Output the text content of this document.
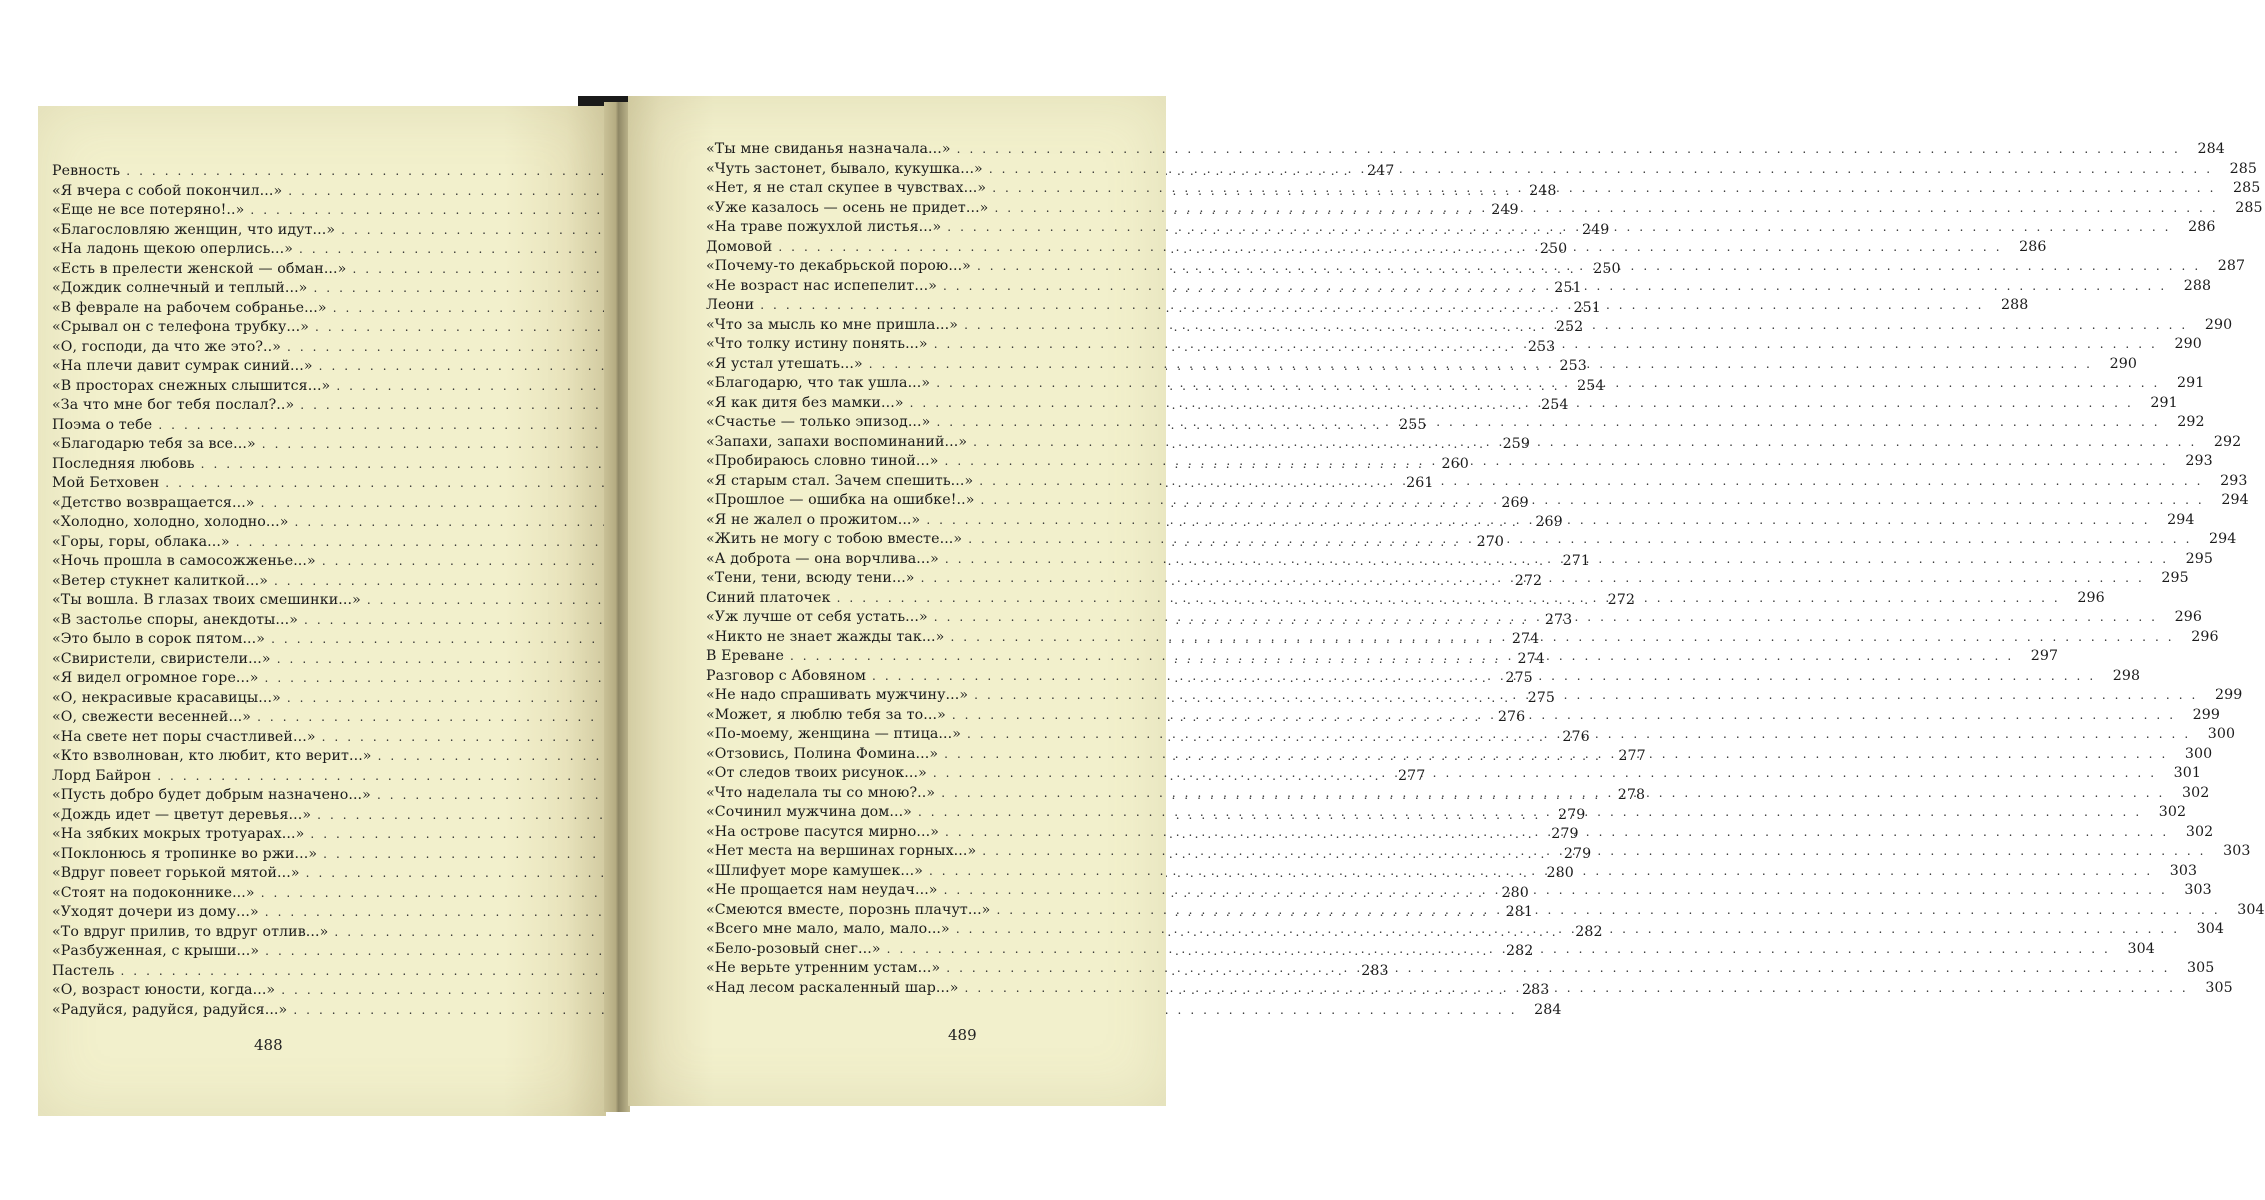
Ревность .....	247
«Я вчера с собой покончил...» .....	248
«Еще не все потеряно!..» .....	249
«Благословляю женщин, что идут...» .....	249
«На ладонь щекою оперлись...» .....	250
«Есть в прелести женской — обман...» .....	250
«Дождик солнечный и теплый...» .....	251
«В феврале на рабочем собранье...» .....	251
«Срывал он с телефона трубку...» .....	252
«О, господи, да что же это?..» .....	253
«На плечи давит сумрак синий...» .....	253
«В просторах снежных слышится...» .....	254
«За что мне бог тебя послал?..» .....	254
Поэма о тебе .....	255
«Благодарю тебя за все...» .....	259
Последняя любовь .....	260
Мой Бетховен .....	261
«Детство возвращается...» .....	269
«Холодно, холодно, холодно...» .....	269
«Горы, горы, облака...» .....	270
«Ночь прошла в самосожженье...» .....	271
«Ветер стукнет калиткой...» .....	272
«Ты вошла. В глазах твоих смешинки...» .....	272
«В застолье споры, анекдоты...» .....	273
«Это было в сорок пятом...» .....	274
«Свиристели, свиристели...» .....	274
«Я видел огромное горе...» .....	275
«О, некрасивые красавицы...» .....	275
«О, свежести весенней...» .....	276
«На свете нет поры счастливей...» .....	276
«Кто взволнован, кто любит, кто верит...» .....	277
Лорд Байрон .....	277
«Пусть добро будет добрым назначено...» .....	278
«Дождь идет — цветут деревья...» .....	279
«На зябких мокрых тротуарах...» .....	279
«Поклонюсь я тропинке во ржи...» .....	279
«Вдруг повеет горькой мятой...» .....	280
«Стоят на подоконнике...» .....	280
«Уходят дочери из дому...» .....	281
«То вдруг прилив, то вдруг отлив...» .....	282
«Разбуженная, с крыши...» .....	282
Пастель .....	283
«О, возраст юности, когда...» .....	283
«Радуйся, радуйся, радуйся...» .....	284
488
«Ты мне свиданья назначала...» .....	284
«Чуть застонет, бывало, кукушка...» .....	285
«Нет, я не стал скупее в чувствах...» .....	285
«Уже казалось — осень не придет...» .....	285
«На траве пожухлой листья...» .....	286
Домовой .....	286
«Почему-то декабрьской порою...» .....	287
«Не возраст нас испепелит...» .....	288
Леони .....	288
«Что за мысль ко мне пришла...» .....	290
«Что толку истину понять...» .....	290
«Я устал утешать...» .....	290
«Благодарю, что так ушла...» .....	291
«Я как дитя без мамки...» .....	291
«Счастье — только эпизод...» .....	292
«Запахи, запахи воспоминаний...» .....	292
«Пробираюсь словно тиной...» .....	293
«Я старым стал. Зачем спешить...» .....	293
«Прошлое — ошибка на ошибке!..» .....	294
«Я не жалел о прожитом...» .....	294
«Жить не могу с тобою вместе...» .....	294
«А доброта — она ворчлива...» .....	295
«Тени, тени, всюду тени...» .....	295
Синий платочек .....	296
«Уж лучше от себя устать...» .....	296
«Никто не знает жажды так...» .....	296
В Ереване .....	297
Разговор с Абовяном .....	298
«Не надо спрашивать мужчину...» .....	299
«Может, я люблю тебя за то...» .....	299
«По-моему, женщина — птица...» .....	300
«Отзовись, Полина Фомина...» .....	300
«От следов твоих рисунок...» .....	301
«Что наделала ты со мною?..» .....	302
«Сочинил мужчина дом...» .....	302
«На острове пасутся мирно...» .....	302
«Нет места на вершинах горных...» .....	303
«Шлифует море камушек...» .....	303
«Не прощается нам неудач...» .....	303
«Смеются вместе, порознь плачут...» .....	304
«Всего мне мало, мало, мало...» .....	304
«Бело-розовый снег...» .....	304
«Не верьте утренним устам...» .....	305
«Над лесом раскаленный шар...» .....	305
489
